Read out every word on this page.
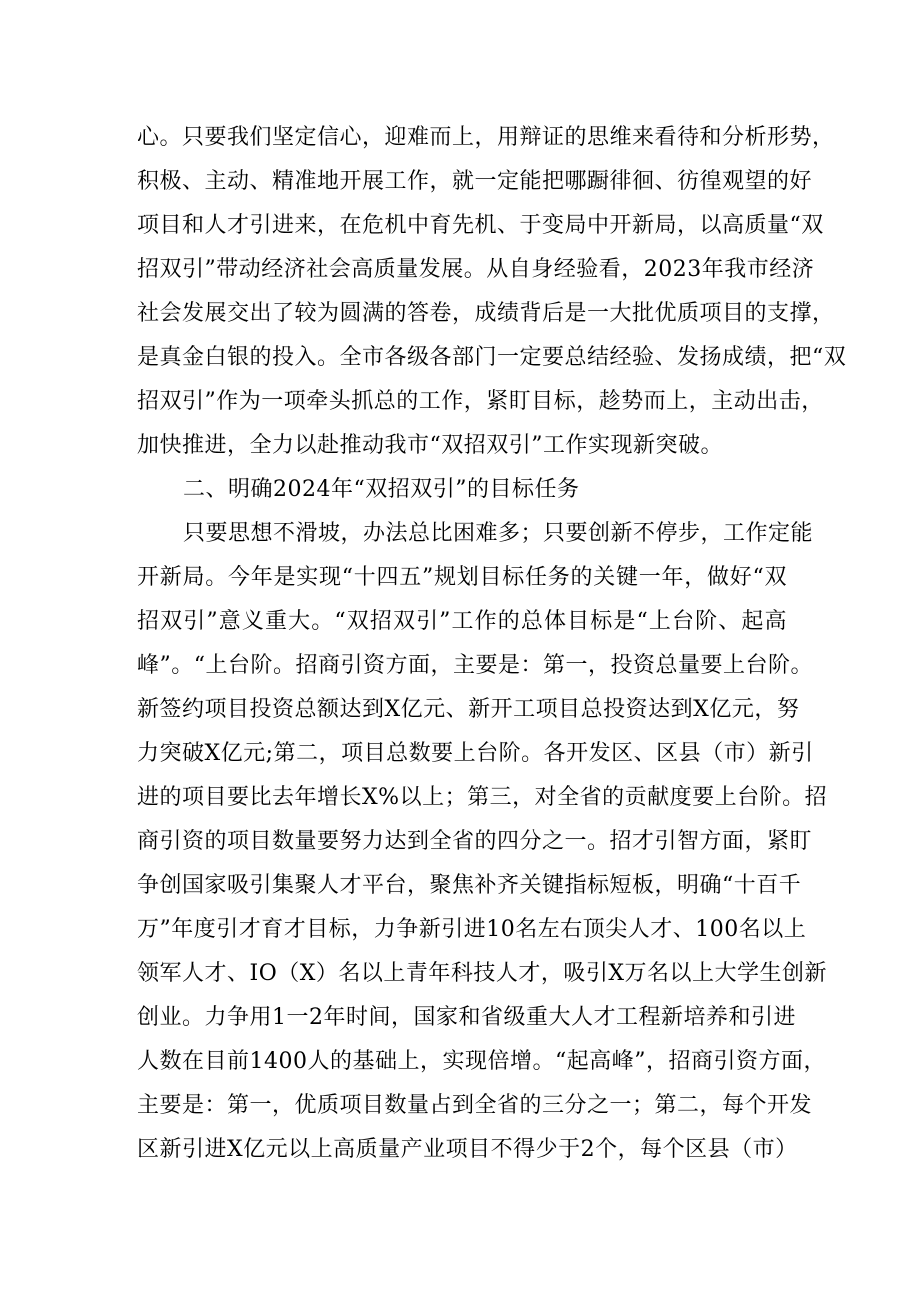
心。只要我们坚定信心，迎难而上，用辩证的思维来看待和分析形势，
积极、主动、精准地开展工作，就一定能把哪蹰徘徊、彷徨观望的好
项目和人才引进来，在危机中育先机、于变局中开新局，以高质量“双
招双引”带动经济社会高质量发展。从自身经验看，2023年我市经济
社会发展交出了较为圆满的答卷，成绩背后是一大批优质项目的支撑，
是真金白银的投入。全市各级各部门一定要总结经验、发扬成绩，把“双
招双引”作为一项牵头抓总的工作，紧盯目标，趁势而上，主动出击，
加快推进，全力以赴推动我市“双招双引”工作实现新突破。
二、明确2024年“双招双引”的目标任务
只要思想不滑坡，办法总比困难多；只要创新不停步，工作定能
开新局。今年是实现“十四五”规划目标任务的关键一年，做好“双
招双引”意义重大。“双招双引”工作的总体目标是“上台阶、起高
峰”。“上台阶。招商引资方面，主要是：第一，投资总量要上台阶。
新签约项目投资总额达到X亿元、新开工项目总投资达到X亿元，努
力突破X亿元;第二，项目总数要上台阶。各开发区、区县（市）新引
进的项目要比去年增长X%以上；第三，对全省的贡献度要上台阶。招
商引资的项目数量要努力达到全省的四分之一。招才引智方面，紧盯
争创国家吸引集聚人才平台，聚焦补齐关键指标短板，明确“十百千
万”年度引才育才目标，力争新引进10名左右顶尖人才、100名以上
领军人才、IO（X）名以上青年科技人才，吸引X万名以上大学生创新
创业。力争用1一2年时间，国家和省级重大人才工程新培养和引进
人数在目前1400人的基础上，实现倍增。“起高峰”，招商引资方面，
主要是：第一，优质项目数量占到全省的三分之一；第二，每个开发
区新引进X亿元以上高质量产业项目不得少于2个，每个区县（市）
